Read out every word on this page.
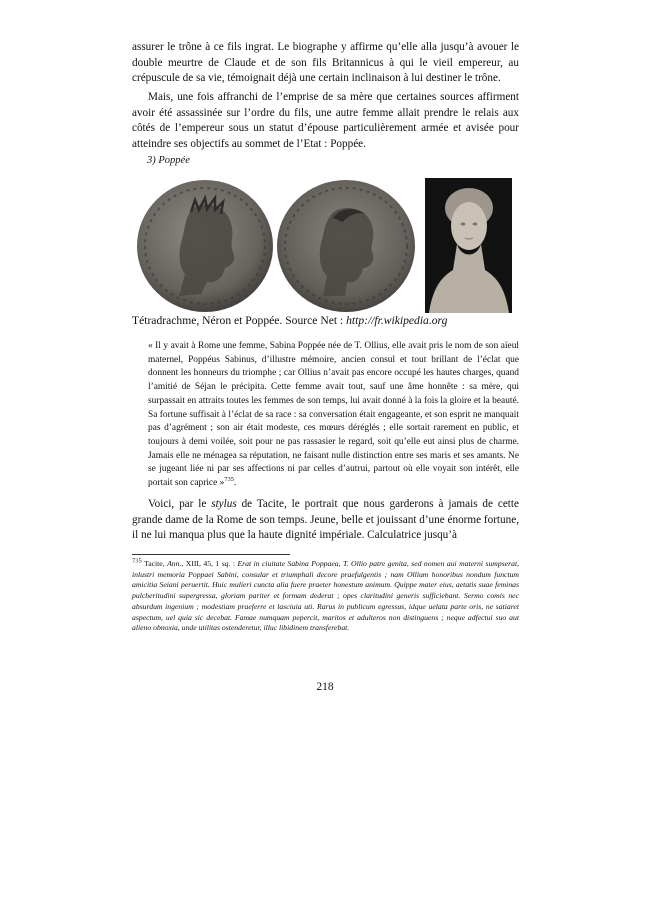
assurer le trône à ce fils ingrat. Le biographe y affirme qu’elle alla jusqu’à avouer le double meurtre de Claude et de son fils Britannicus à qui le vieil empereur, au crépuscule de sa vie, témoignait déjà une certain inclinaison à lui destiner le trône.

Mais, une fois affranchi de l’emprise de sa mère que certaines sources affirment avoir été assassinée sur l’ordre du fils, une autre femme allait prendre le relais aux côtés de l’empereur sous un statut d’épouse particulièrement armée et avisée pour atteindre ses objectifs au sommet de l’Etat : Poppée.

3) Poppée

Tétradrachme, Néron et Poppée. Source Net : http://fr.wikipedia.org

« Il y avait à Rome une femme, Sabina Poppée née de T. Ollius, elle avait pris le nom de son aïeul maternel, Poppéus Sabinus, d’illustre mémoire, ancien consul et tout brillant de l’éclat que donnent les honneurs du triomphe ; car Ollius n’avait pas encore occupé les hautes charges, quand l’amitié de Séjan le précipita. Cette femme avait tout, sauf une âme honnête : sa mère, qui surpassait en attraits toutes les femmes de son temps, lui avait donné à la fois la gloire et la beauté. Sa fortune suffisait à l’éclat de sa race : sa conversation était engageante, et son esprit ne manquait pas d’agrément ; son air était modeste, ces mœurs déréglés ; elle sortait rarement en public, et toujours à demi voilée, soit pour ne pas rassasier le regard, soit qu’elle eut ainsi plus de charme. Jamais elle ne ménagea sa réputation, ne faisant nulle distinction entre ses maris et ses amants. Ne se jugeant liée ni par ses affections ni par celles d’autrui, partout où elle voyait son intérêt, elle portait son caprice »$^{735}$.

Voici, par le stylus de Tacite, le portrait que nous garderons à jamais de cette grande dame de la Rome de son temps. Jeune, belle et jouissant d’une énorme fortune, il ne lui manqua plus que la haute dignité impériale. Calculatrice jusqu’à

$^{735}$ Tacite, Ann., XIII, 45, 1 sq. : Erat in ciuitate Sabina Poppaea, T. Ollio patre genita, sed nomen aui materni sumpserat, inlustri memoria Poppaei Sabini, consular et triumphali decore praefulgentis ; nam Ollium honoribus nondum functum amicitia Seiani peruertit. Huic mulieri cuncta alia fuere praeter honestum animum. Quippe mater eius, aetatis suae feminas pulcheritudini supergressa, gloriam pariter et formam dederat ; opes claritudini generis sufficiebant. Sermo comis nec absurdum ingenium ; modestiam praeferre et lasciuia uti. Rarus in publicum egressus, idque uelata parte oris, ne satiaret aspectum, uel quia sic decebat. Famae numquam pepercit, maritos et adulteros non distinguens ; neque adfectui suo aut alieno obnoxia, unde utilitas ostenderetur, illuc libidinem transferebat.

218
